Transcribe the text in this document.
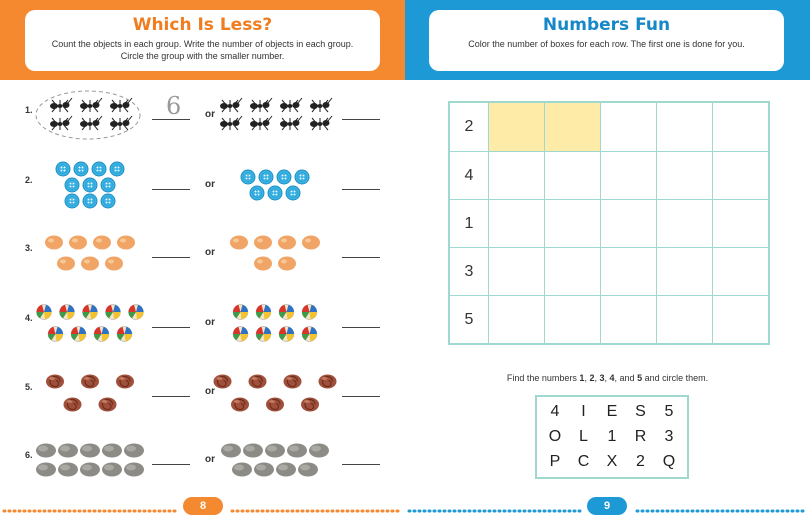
Which Is Less?
Count the objects in each group. Write the number of objects in each group.
Circle the group with the smaller number.
1.	or
2.	or
3.	or
4.	or
5.	or
6.	or
6
8
Numbers Fun
Color the number of boxes for each row. The first one is done for you.
2
4
1
3
5
Find the numbers 1, 2, 3, 4, and 5 and circle them.
4	I	E	S	5
O	L	1	R	3
P	C	X	2	Q
9
